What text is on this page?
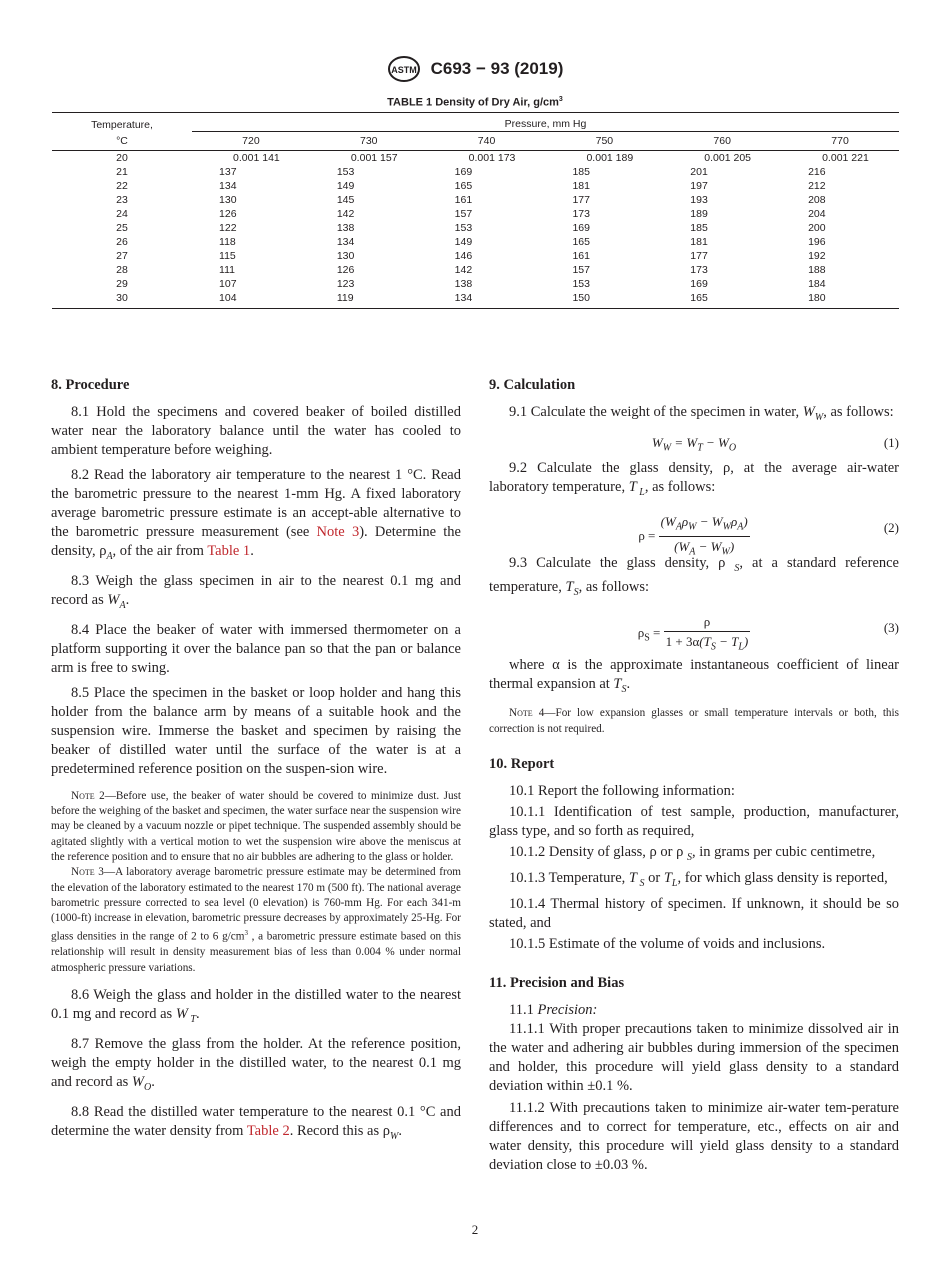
ASTM C693 − 93 (2019)
TABLE 1 Density of Dry Air, $g/cm^3$
Temperature,	Pressure, mm Hg					
°C	720	730	740	750	760	770
20	0.001 141	0.001 157	0.001 173	0.001 189	0.001 205	0.001 221
21	137	153	169	185	201	216
22	134	149	165	181	197	212
23	130	145	161	177	193	208
24	126	142	157	173	189	204
25	122	138	153	169	185	200
26	118	134	149	165	181	196
27	115	130	146	161	177	192
28	111	126	142	157	173	188
29	107	123	138	153	169	184
30	104	119	134	150	165	180
8. Procedure

8.1 Hold the specimens and covered beaker of boiled distilled water near the laboratory balance until the water has cooled to ambient temperature before weighing.

8.2 Read the laboratory air temperature to the nearest 1 °C. Read the barometric pressure to the nearest 1-mm Hg. A fixed laboratory average barometric pressure estimate is an accept-able alternative to the barometric pressure measurement (see Note 3). Determine the density, $\rho_A$, of the air from Table 1.

8.3 Weigh the glass specimen in air to the nearest 0.1 mg and record as $W_A$.

8.4 Place the beaker of water with immersed thermometer on a platform supporting it over the balance pan so that the pan or balance arm is free to swing.

8.5 Place the specimen in the basket or loop holder and hang this holder from the balance arm by means of a suitable hook and the suspension wire. Immerse the basket and specimen by raising the beaker of distilled water until the surface of the water is at a predetermined reference position on the suspen-sion wire.

Note 2—Before use, the beaker of water should be covered to minimize dust. Just before the weighing of the basket and specimen, the water surface near the suspension wire may be cleaned by a vacuum nozzle or pipet technique. The suspended assembly should be agitated slightly with a vertical motion to wet the suspension wire above the meniscus at the reference position and to ensure that no air bubbles are adhering to the glass or holder.

Note 3—A laboratory average barometric pressure estimate may be determined from the elevation of the laboratory estimated to the nearest 170 m (500 ft). The national average barometric pressure corrected to sea level (0 elevation) is 760-mm Hg. For each 341-m (1000-ft) increase in elevation, barometric pressure decreases by approximately 25-Hg. For glass densities in the range of 2 to 6 $g/cm^3$ , a barometric pressure estimate based on this relationship will result in density measurement bias of less than 0.004 % under normal atmospheric pressure variations.

8.6 Weigh the glass and holder in the distilled water to the nearest 0.1 mg and record as W $_T$.

8.7 Remove the glass from the holder. At the reference position, weigh the empty holder in the distilled water, to the nearest 0.1 mg and record as $W_O$.

8.8 Read the distilled water temperature to the nearest 0.1 °C and determine the water density from Table 2. Record this as $\rho_W$.

9. Calculation

9.1 Calculate the weight of the specimen in water, $W_W$, as follows:

$W_W = W_T - W_O$	(1)

9.2 Calculate the glass density, ρ, at the average air-water laboratory temperature, T $_L$, as follows:

$\rho = \frac{(W_A\rho_W - W_W\rho_A)}{(W_A - W_W)}$	(2)

9.3 Calculate the glass density, ρ $_S$, at a standard reference temperature, $T_S$, as follows:

$\rho_S = \frac{\rho}{1 + 3\alpha(T_S - T_L)}$	(3)

where α is the approximate instantaneous coefficient of linear thermal expansion at $T_S$.

Note 4—For low expansion glasses or small temperature intervals or both, this correction is not required.

10. Report

10.1 Report the following information:

10.1.1 Identification of test sample, production, manufacturer, glass type, and so forth as required,

10.1.2 Density of glass, ρ or ρ $_S$, in grams per cubic centimetre,

10.1.3 Temperature, T $_S$ or $T_L$, for which glass density is reported,

10.1.4 Thermal history of specimen. If unknown, it should be so stated, and

10.1.5 Estimate of the volume of voids and inclusions.

11. Precision and Bias

11.1 Precision:

11.1.1 With proper precautions taken to minimize dissolved air in the water and adhering air bubbles during immersion of the specimen and holder, this procedure will yield glass density to a standard deviation within ±0.1 %.

11.1.2 With precautions taken to minimize air-water tem-perature differences and to correct for temperature, etc., effects on air and water density, this procedure will yield glass density to a standard deviation close to ±0.03 %.

2
